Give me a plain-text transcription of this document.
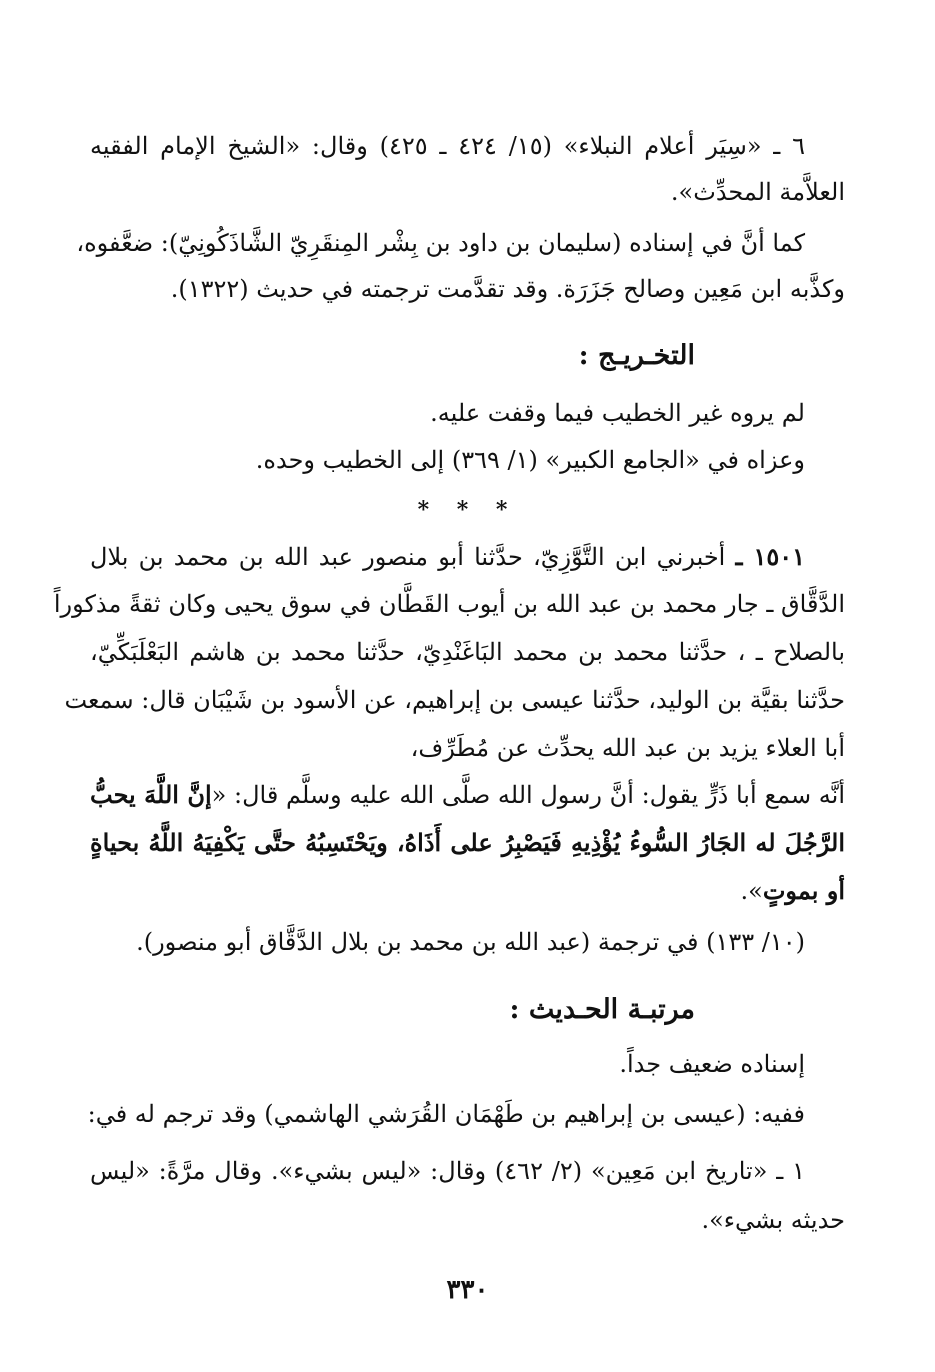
٦ ـ «سِيَر أعلام النبلاء» (١٥/ ٤٢٤ ـ ٤٢٥) وقال: «الشيخ الإمام الفقيه
العلاَّمة المحدِّث».
كما أنَّ في إسناده (سليمان بن داود بن بِشْر المِنقَرِيّ الشَّاذَكُونِيّ): ضعَّفوه،
وكذَّبه ابن مَعِين وصالح جَزَرَة. وقد تقدَّمت ترجمته في حديث (١٣٢٢).
التخـريـج :
لم يروه غير الخطيب فيما وقفت عليه.
وعزاه في «الجامع الكبير» (١/ ٣٦٩) إلى الخطيب وحده.
* * *
١٥٠١ ـ أخبرني ابن التَّوَّزِيّ، حدَّثنا أبو منصور عبد الله بن محمد بن بلال
الدَّقَّاق ـ جار محمد بن عبد الله بن أيوب القَطَّان في سوق يحيى وكان ثقةً مذكوراً
بالصلاح ـ ، حدَّثنا محمد بن محمد البَاغَنْدِيّ، حدَّثنا محمد بن هاشم البَعْلَبَكِّيّ،
حدَّثنا بقيَّة بن الوليد، حدَّثنا عيسى بن إبراهيم، عن الأسود بن شَيْبَان قال: سمعت
أبا العلاء يزيد بن عبد الله يحدِّث عن مُطَرِّف،
أنَّه سمع أبا ذَرٍّ يقول: أنَّ رسول الله صلَّى الله عليه وسلَّم قال: «إنَّ اللَّهَ يحبُّ
الرَّجُلَ له الجَارُ السُّوءُ يُؤْذِيهِ فَيَصْبِرُ على أَذَاهُ، ويَحْتَسِبُهُ حتَّى يَكْفِيَهُ اللَّهُ بحياةٍ
أو بموتٍ».
(١٠/ ١٣٣) في ترجمة (عبد الله بن محمد بن بلال الدَّقَّاق أبو منصور).
مرتبـة الحـديث :
إسناده ضعيف جداً.
ففيه: (عيسى بن إبراهيم بن طَهْمَان القُرَشي الهاشمي) وقد ترجم له في:
١ ـ «تاريخ ابن مَعِين» (٢/ ٤٦٢) وقال: «ليس بشيء». وقال مرَّةً: «ليس
حديثه بشيء».
٣٣٠
